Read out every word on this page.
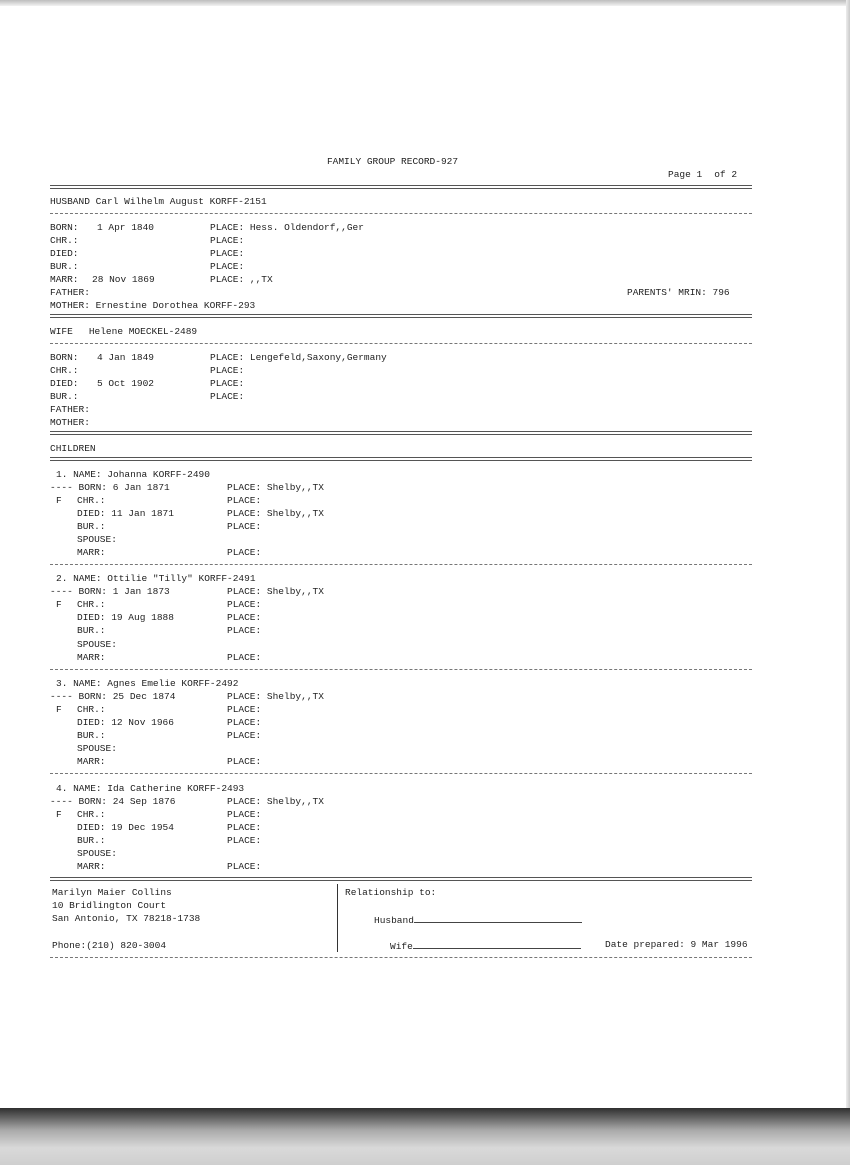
FAMILY GROUP RECORD-927
Page 1 of 2
HUSBAND Carl Wilhelm August KORFF-2151
BORN: 1 Apr 1840	PLACE: Hess. Oldendorf,,Ger
CHR.:	PLACE:
DIED:	PLACE:
BUR.:	PLACE:
MARR: 28 Nov 1869	PLACE: ,,TX
FATHER:	PARENTS' MRIN: 796
MOTHER: Ernestine Dorothea KORFF-293
WIFE Helene MOECKEL-2489
BORN: 4 Jan 1849	PLACE: Lengefeld,Saxony,Germany
CHR.:	PLACE:
DIED: 5 Oct 1902	PLACE:
BUR.:	PLACE:
FATHER:
MOTHER:
CHILDREN
1. NAME: Johanna KORFF-2490
---- BORN: 6 Jan 1871	PLACE: Shelby,,TX
F CHR.:	PLACE:
DIED: 11 Jan 1871	PLACE: Shelby,,TX
BUR.:	PLACE:
SPOUSE:
MARR:	PLACE:
2. NAME: Ottilie "Tilly" KORFF-2491
---- BORN: 1 Jan 1873	PLACE: Shelby,,TX
F CHR.:	PLACE:
DIED: 19 Aug 1888	PLACE:
BUR.:	PLACE:
SPOUSE:
MARR:	PLACE:
3. NAME: Agnes Emelie KORFF-2492
---- BORN: 25 Dec 1874	PLACE: Shelby,,TX
F CHR.:	PLACE:
DIED: 12 Nov 1966	PLACE:
BUR.:	PLACE:
SPOUSE:
MARR:	PLACE:
4. NAME: Ida Catherine KORFF-2493
---- BORN: 24 Sep 1876	PLACE: Shelby,,TX
F CHR.:	PLACE:
DIED: 19 Dec 1954	PLACE:
BUR.:	PLACE:
SPOUSE:
MARR:	PLACE:
Marilyn Maier Collins
10 Bridlington Court
San Antonio, TX 78218-1738
Phone:(210) 820-3004
Relationship to:
Husband
Wife	Date prepared: 9 Mar 1996
